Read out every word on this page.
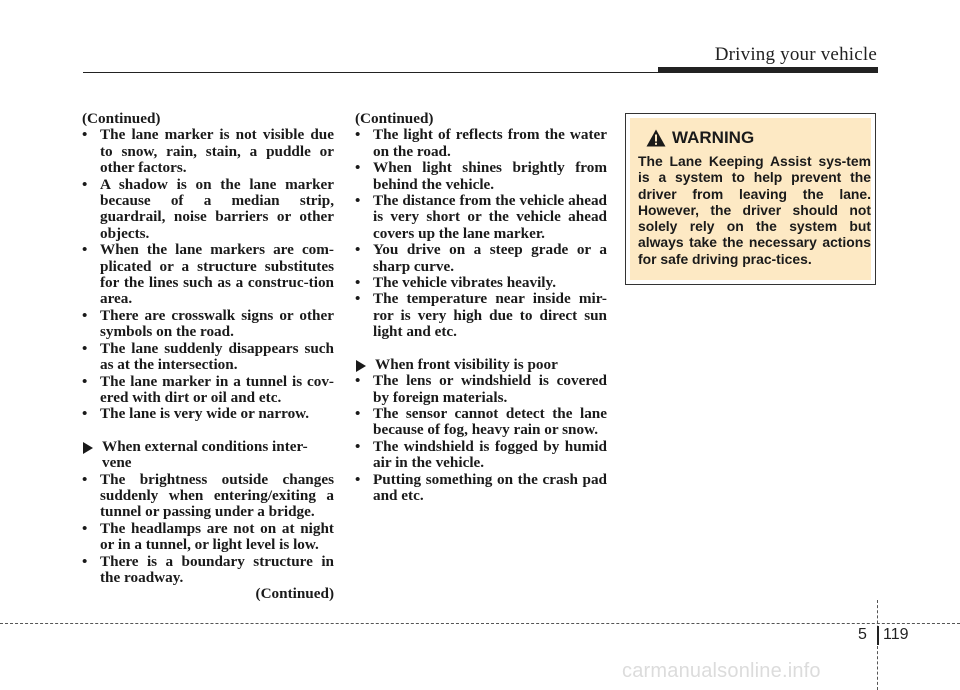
Driving your vehicle

(Continued)

• The lane marker is not visible due to snow, rain, stain, a puddle or other factors.
• A shadow is on the lane marker because of a median strip, guardrail, noise barriers or other objects.
• When the lane markers are com-plicated or a structure substitutes for the lines such as a construc-tion area.
• There are crosswalk signs or other symbols on the road.
• The lane suddenly disappears such as at the intersection.
• The lane marker in a tunnel is cov-ered with dirt or oil and etc.
• The lane is very wide or narrow.
When external conditions inter-vene
• The brightness outside changes suddenly when entering/exiting a tunnel or passing under a bridge.
• The headlamps are not on at night or in a tunnel, or light level is low.
• There is a boundary structure in the roadway.

(Continued)

(Continued)

• The light of reflects from the water on the road.
• When light shines brightly from behind the vehicle.
• The distance from the vehicle ahead is very short or the vehicle ahead covers up the lane marker.
• You drive on a steep grade or a sharp curve.
• The vehicle vibrates heavily.
• The temperature near inside mir-ror is very high due to direct sun light and etc.
When front visibility is poor
• The lens or windshield is covered by foreign materials.
• The sensor cannot detect the lane because of fog, heavy rain or snow.
• The windshield is fogged by humid air in the vehicle.
• Putting something on the crash pad and etc.
WARNING
The Lane Keeping Assist sys-tem is a system to help prevent the driver from leaving the lane. However, the driver should not solely rely on the system but always take the necessary actions for safe driving prac-tices.
5 119
carmanualsonline.info
